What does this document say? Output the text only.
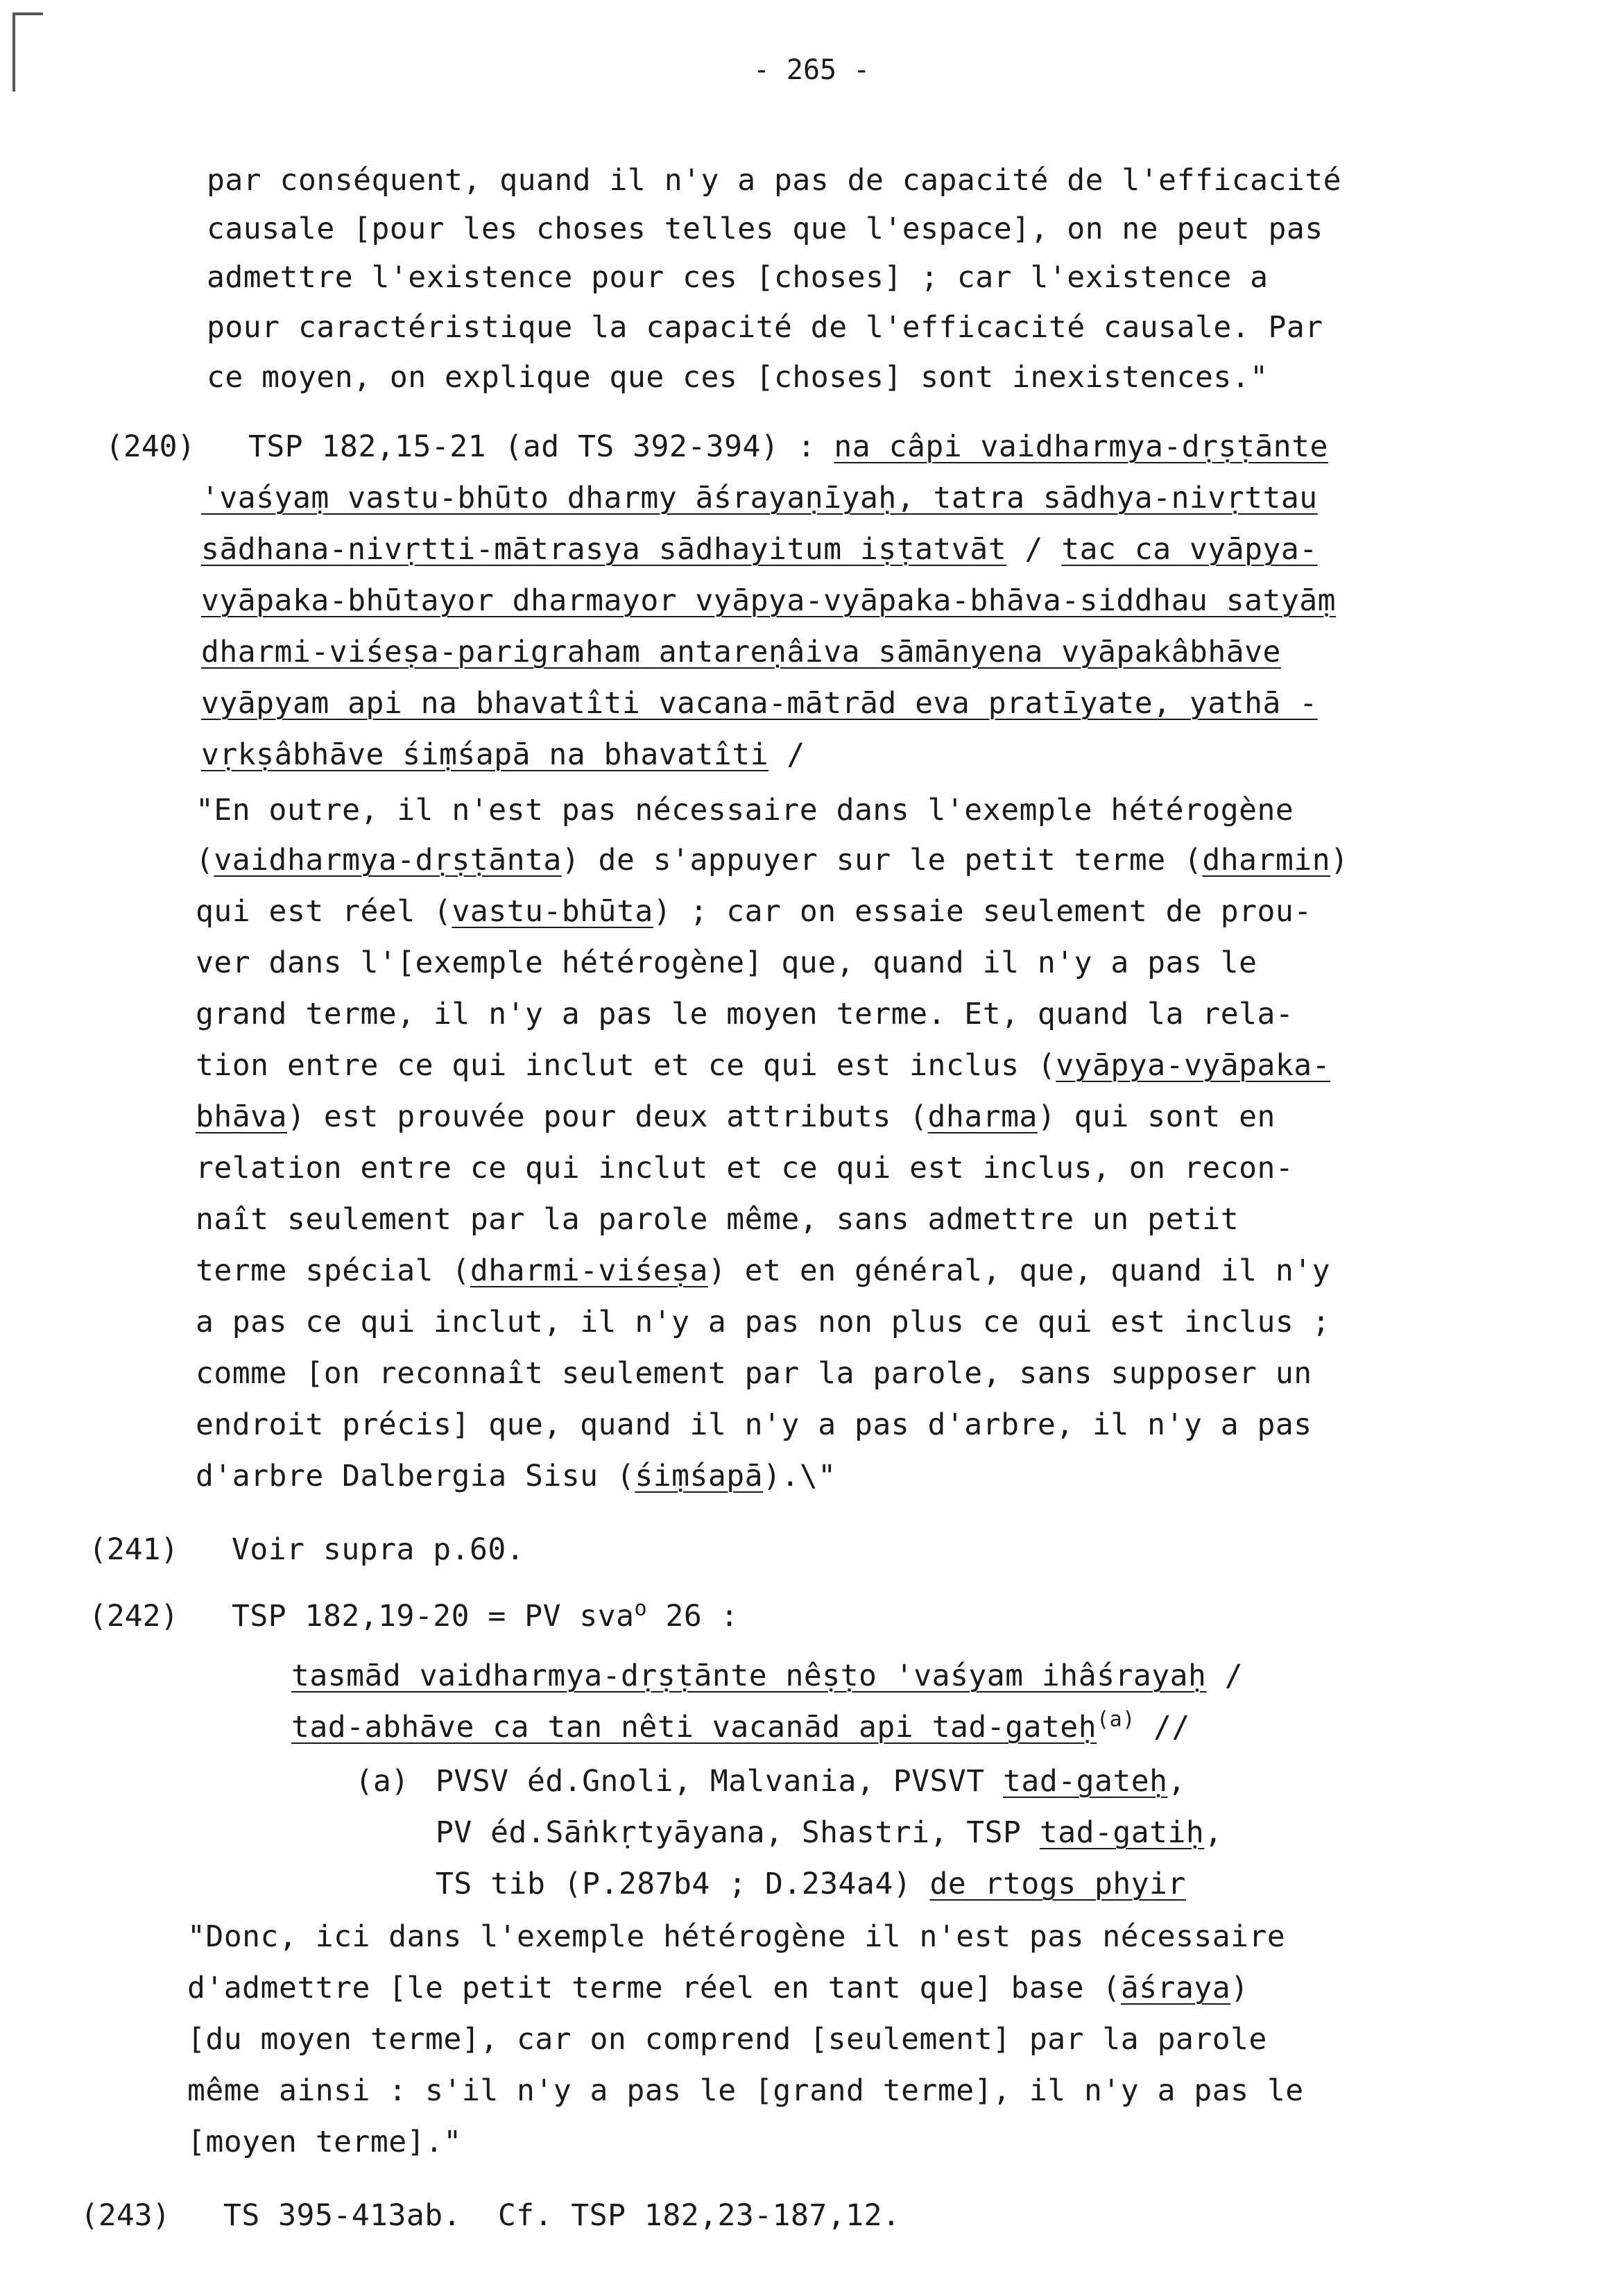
- 265 -
par conséquent, quand il n'y a pas de capacité de l'efficacité
causale [pour les choses telles que l'espace], on ne peut pas
admettre l'existence pour ces [choses] ; car l'existence a
pour caractéristique la capacité de l'efficacité causale. Par
ce moyen, on explique que ces [choses] sont inexistences."
(240) TSP 182,15-21 (ad TS 392-394) : na câpi vaidharmya-dṛṣṭānte
'vaśyaṃ vastu-bhūto dharmy āśrayaṇīyaḥ, tatra sādhya-nivṛttau
sādhana-nivṛtti-mātrasya sādhayitum iṣṭatvāt / tac ca vyāpya-
vyāpaka-bhūtayor dharmayor vyāpya-vyāpaka-bhāva-siddhau satyāṃ
dharmi-viśeṣa-parigraham antareṇâiva sāmānyena vyāpakâbhāve
vyāpyam api na bhavatîti vacana-mātrād eva pratīyate, yathā -
vṛkṣâbhāve śiṃśapā na bhavatîti /
"En outre, il n'est pas nécessaire dans l'exemple hétérogène
(vaidharmya-dṛṣṭānta) de s'appuyer sur le petit terme (dharmin)
qui est réel (vastu-bhūta) ; car on essaie seulement de prou-
ver dans l'[exemple hétérogène] que, quand il n'y a pas le
grand terme, il n'y a pas le moyen terme. Et, quand la rela-
tion entre ce qui inclut et ce qui est inclus (vyāpya-vyāpaka-
bhāva) est prouvée pour deux attributs (dharma) qui sont en
relation entre ce qui inclut et ce qui est inclus, on recon-
naît seulement par la parole même, sans admettre un petit
terme spécial (dharmi-viśeṣa) et en général, que, quand il n'y
a pas ce qui inclut, il n'y a pas non plus ce qui est inclus ;
comme [on reconnaît seulement par la parole, sans supposer un
endroit précis] que, quand il n'y a pas d'arbre, il n'y a pas
d'arbre Dalbergia Sisu (śiṃśapā).\"
(241) Voir supra p.60.
(242) TSP 182,19-20 = PV sva$^o$ 26 :
tasmād vaidharmya-dṛṣṭānte nêṣṭo 'vaśyam ihâśrayaḥ /
tad-abhāve ca tan nêti vacanād api tad-gateḥ$^{(a)}$ //
(a) PVSV éd.Gnoli, Malvania, PVSVT tad-gateḥ,
PV éd.Sāṅkṛtyāyana, Shastri, TSP tad-gatiḥ,
TS tib (P.287b4 ; D.234a4) de rtogs phyir
"Donc, ici dans l'exemple hétérogène il n'est pas nécessaire
d'admettre [le petit terme réel en tant que] base (āśraya)
[du moyen terme], car on comprend [seulement] par la parole
même ainsi : s'il n'y a pas le [grand terme], il n'y a pas le
[moyen terme]."
(243) TS 395-413ab.  Cf. TSP 182,23-187,12.
